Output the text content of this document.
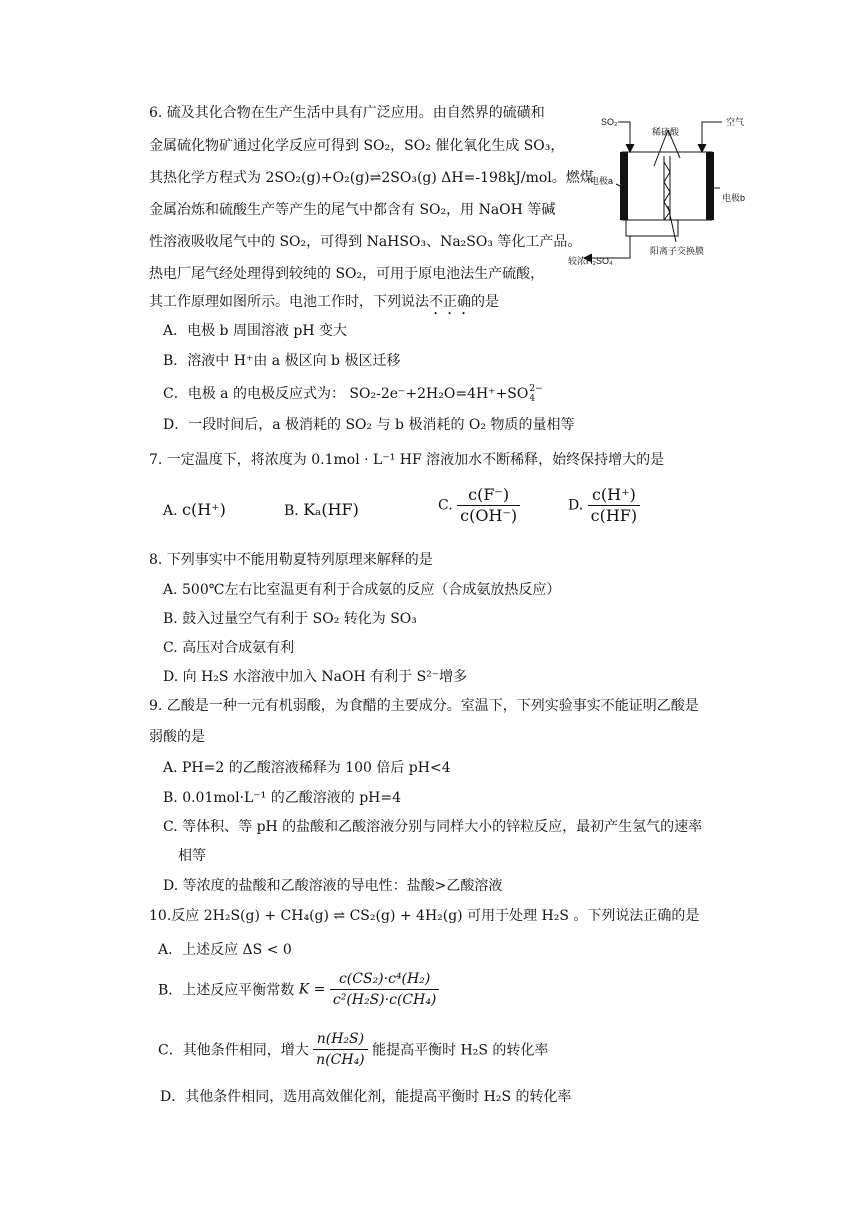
6. 硫及其化合物在生产生活中具有广泛应用。由自然界的硫磺和
金属硫化物矿通过化学反应可得到 SO₂，SO₂ 催化氧化生成 SO₃，
其热化学方程式为 2SO₂(g)+O₂(g)⇌2SO₃(g) ΔH=-198kJ/mol。燃煤
金属冶炼和硫酸生产等产生的尾气中都含有 SO₂，用 NaOH 等碱
性溶液吸收尾气中的 SO₂，可得到 NaHSO₃、Na₂SO₃ 等化工产品。
热电厂尾气经处理得到较纯的 SO₂，可用于原电池法生产硫酸，
其工作原理如图所示。电池工作时，下列说法不正确的是
A．电极 b 周围溶液 pH 变大
B．溶液中 H⁺由 a 极区向 b 极区迁移
C．电极 a 的电极反应式为： SO₂-2e⁻+2H₂O=4H⁺+SO 2−
4
D．一段时间后，a 极消耗的 SO₂ 与 b 极消耗的 O₂ 物质的量相等
SO₂
稀硫酸
空气
电极a
电极b
阳离子交换膜
较浓H₂SO₄
7. 一定温度下，将浓度为 0.1mol · L⁻¹ HF 溶液加水不断稀释，始终保持增大的是
A. c(H⁺)	B. Kₐ(HF)	C. $\frac{c(F^-)}{c(OH^-)}$	D. $\frac{c(H^+)}{c(HF)}$
8. 下列事实中不能用勒夏特列原理来解释的是
A. 500℃左右比室温更有利于合成氨的反应（合成氨放热反应）
B. 鼓入过量空气有利于 SO₂ 转化为 SO₃
C. 高压对合成氨有利
D. 向 H₂S 水溶液中加入 NaOH 有利于 S²⁻增多
9. 乙酸是一种一元有机弱酸，为食醋的主要成分。室温下，下列实验事实不能证明乙酸是
弱酸的是
A. PH=2 的乙酸溶液稀释为 100 倍后 pH<4
B. 0.01mol·L⁻¹ 的乙酸溶液的 pH=4
C. 等体积、等 pH 的盐酸和乙酸溶液分别与同样大小的锌粒反应，最初产生氢气的速率
相等
D. 等浓度的盐酸和乙酸溶液的导电性：盐酸>乙酸溶液
10.反应 2H₂S(g) + CH₄(g) ⇌ CS₂(g) + 4H₂(g) 可用于处理 H₂S 。下列说法正确的是
A．上述反应 ΔS < 0
B．上述反应平衡常数 $K = \frac{\text{c(CS₂)·c⁴(H₂)}}{\text{c²(H₂S)·c(CH₄)}}$
C．其他条件相同，增大 $\frac{\text{n(H₂S)}}{\text{n(CH₄)}}$ 能提高平衡时 H₂S 的转化率
D．其他条件相同，选用高效催化剂，能提高平衡时 H₂S 的转化率
